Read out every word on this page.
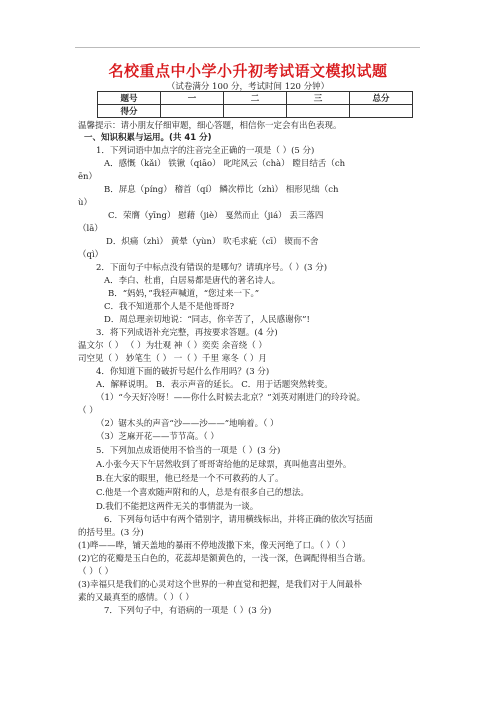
名校重点中小学小升初考试语文模拟试题
（试卷满分 100 分，考试时间 120 分钟）
题号	一	二	三	总分
得分				
温馨提示：请小朋友仔细审题，细心答题，相信你一定会有出色表现。
一、知识积累与运用。(共 41 分)
1．下列词语中加点字的注音完全正确的一项是（ ）(5 分)
A．感慨（kǎi） 铁锹（qiāo） 叱咤风云（chà） 瞠目结舌（ch
ēn）
B．屏息（píng） 稽首（qí） 鳞次栉比（zhì） 相形见绌（ch
ù）
C．荣膺（yīng） 慰藉（jiè） 戛然而止（jiá） 丢三落四
（lā）
D．炽痛（zhì） 黄晕（yùn） 吹毛求疵（cī） 锲而不舍
（qì）
2．下面句子中标点没有错误的是哪句？请填序号。（ ）(3 分)
A．李白、杜甫，白居易都是唐代的著名诗人。
B．“妈妈，”我轻声喊道，“您过来一下。”
C．我不知道那个人是不是他哥哥?
D．周总理亲切地说：“同志，你辛苦了，人民感谢你”!
3．将下列成语补充完整，再按要求答题。(4 分)
温文尔（ ） （ ）为壮观 神（ ）奕奕 余音绕（ ）
司空见（ ） 妙笔生（ ） 一（ ）千里 寒冬（ ）月
4．你知道下面的破折号起什么作用吗？(3 分)
A．解释说明。 B．表示声音的延长。 C．用于话题突然转变。
（1）“今天好冷呀！——你什么时候去北京？”刘英对刚进门的玲玲说。
（ ）
（2）锯木头的声音“沙——沙——”地响着。（ ）
（3）芝麻开花——节节高。（ ）
5．下列加点成语使用不恰当的一项是（ ）(3 分)
A.小张今天下午居然收到了哥哥寄给他的足球票，真叫他喜出望外。
B.在大家的眼里，他已经是一个不可救药的人了。
C.他是一个喜欢随声附和的人，总是有很多自己的想法。
D.我们不能把这两件无关的事情混为一谈。
6．下列每句话中有两个错别字，请用横线标出，并将正确的依次写括面
的括号里。(3 分)
(1)哗——哗，铺天盖地的暴雨不停地泼撒下来，像天河绝了口。（ ）（ ）
(2)它的花瓣是玉白色的，花蕊却是额黄色的，一浅一深，色调配得相当合谐。
（ ）（ ）
(3)幸福只是我们的心灵对这个世界的一种直觉和把握，是我们对于人间最朴
素的又最真至的感情。（ ）（ ）
7．下列句子中，有语病的一项是（ ）(3 分)
